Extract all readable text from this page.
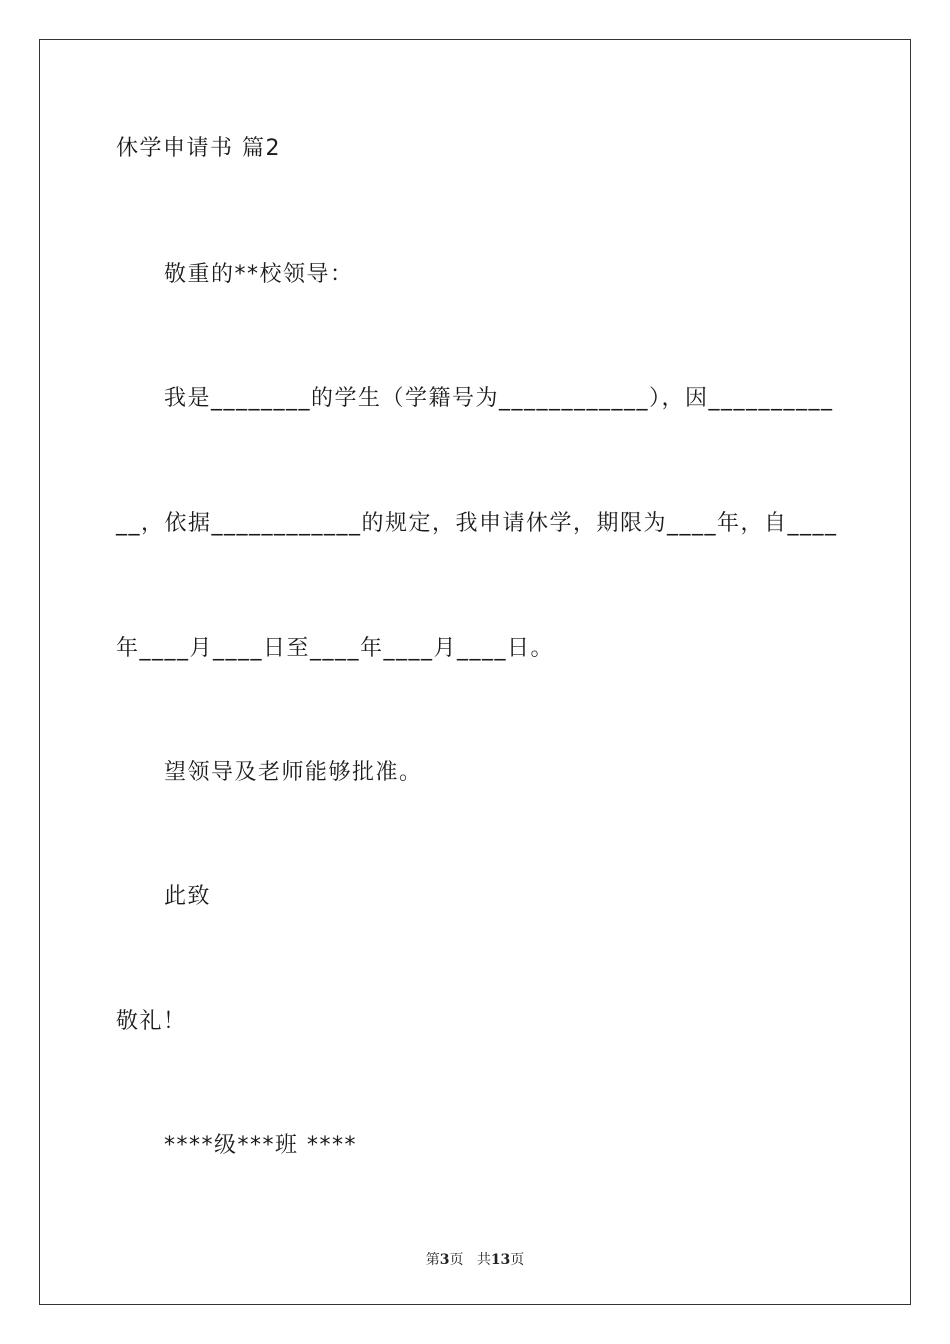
休学申请书 篇2
敬重的**校领导：
我是________的学生（学籍号为____________），因__________
__，依据____________的规定，我申请休学，期限为____年，自____
年____月____日至____年____月____日。
望领导及老师能够批准。
此致
敬礼！
****级***班 ****
第3页 共13页
